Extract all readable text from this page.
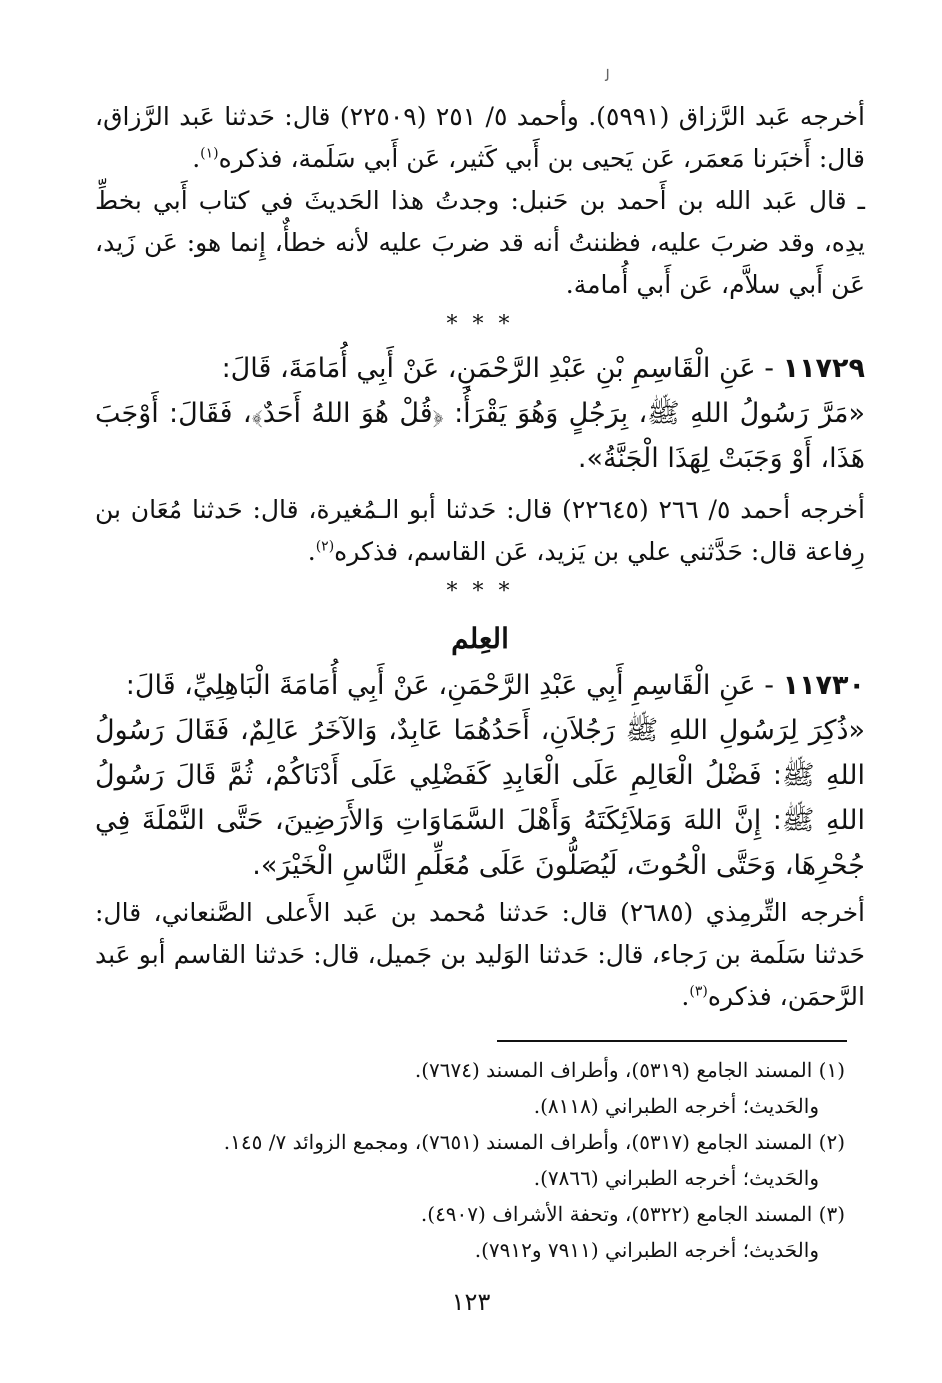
ﻟ

أخرجه عَبد الرَّزاق (٥٩٩١). وأحمد ٥/ ٢٥١ (٢٢٥٠٩) قال: حَدثنا عَبد الرَّزاق، قال: أَخبَرنا مَعمَر، عَن يَحيى بن أَبي كَثير، عَن أَبي سَلَمة، فذكره$^{(١)}$.

ـ قال عَبد الله بن أَحمد بن حَنبل: وجدتُ هذا الحَديثَ في كتاب أَبي بخطِّ يدِه، وقد ضربَ عليه، فظننتُ أنه قد ضربَ عليه لأنه خطأٌ، إِنما هو: عَن زَيد، عَن أَبي سلاَّم، عَن أَبي أُمامة.

* * *

١١٧٢٩ - عَنِ الْقَاسِمِ بْنِ عَبْدِ الرَّحْمَنِ، عَنْ أَبِي أُمَامَةَ، قَالَ:

«مَرَّ رَسُولُ اللهِ ﷺ، بِرَجُلٍ وَهُوَ يَقْرَأُ: ﴿قُلْ هُوَ اللهُ أَحَدٌ﴾، فَقَالَ: أَوْجَبَ هَذَا، أَوْ وَجَبَتْ لِهَذَا الْجَنَّةُ».

أخرجه أحمد ٥/ ٢٦٦ (٢٢٦٤٥) قال: حَدثنا أبو الـمُغيرة، قال: حَدثنا مُعَان بن رِفاعة قال: حَدَّثني علي بن يَزيد، عَن القاسم، فذكره$^{(٢)}$.

* * *
العِلم

١١٧٣٠ - عَنِ الْقَاسِمِ أَبِي عَبْدِ الرَّحْمَنِ، عَنْ أَبِي أُمَامَةَ الْبَاهِلِيِّ، قَالَ:

«ذُكِرَ لِرَسُولِ اللهِ ﷺ رَجُلاَنِ، أَحَدُهُمَا عَابِدٌ، وَالآخَرُ عَالِمٌ، فَقَالَ رَسُولُ اللهِ ﷺ: فَضْلُ الْعَالِمِ عَلَى الْعَابِدِ كَفَضْلِي عَلَى أَدْنَاكُمْ، ثُمَّ قَالَ رَسُولُ اللهِ ﷺ: إِنَّ اللهَ وَمَلاَئِكَتَهُ وَأَهْلَ السَّمَاوَاتِ وَالأَرَضِينَ، حَتَّى النَّمْلَةَ فِي جُحْرِهَا، وَحَتَّى الْحُوتَ، لَيُصَلُّونَ عَلَى مُعَلِّمِ النَّاسِ الْخَيْرَ».

أخرجه التِّرمِذي (٢٦٨٥) قال: حَدثنا مُحمد بن عَبد الأَعلى الصَّنعاني، قال: حَدثنا سَلَمة بن رَجاء، قال: حَدثنا الوَليد بن جَميل، قال: حَدثنا القاسم أبو عَبد الرَّحمَن، فذكره$^{(٣)}$.

(١) المسند الجامع (٥٣١٩)، وأطراف المسند (٧٦٧٤).

والحَديث؛ أخرجه الطبراني (٨١١٨).

(٢) المسند الجامع (٥٣١٧)، وأطراف المسند (٧٦٥١)، ومجمع الزوائد ٧/ ١٤٥.

والحَديث؛ أخرجه الطبراني (٧٨٦٦).

(٣) المسند الجامع (٥٣٢٢)، وتحفة الأشراف (٤٩٠٧).

والحَديث؛ أخرجه الطبراني (٧٩١١ و٧٩١٢).

١٢٣
